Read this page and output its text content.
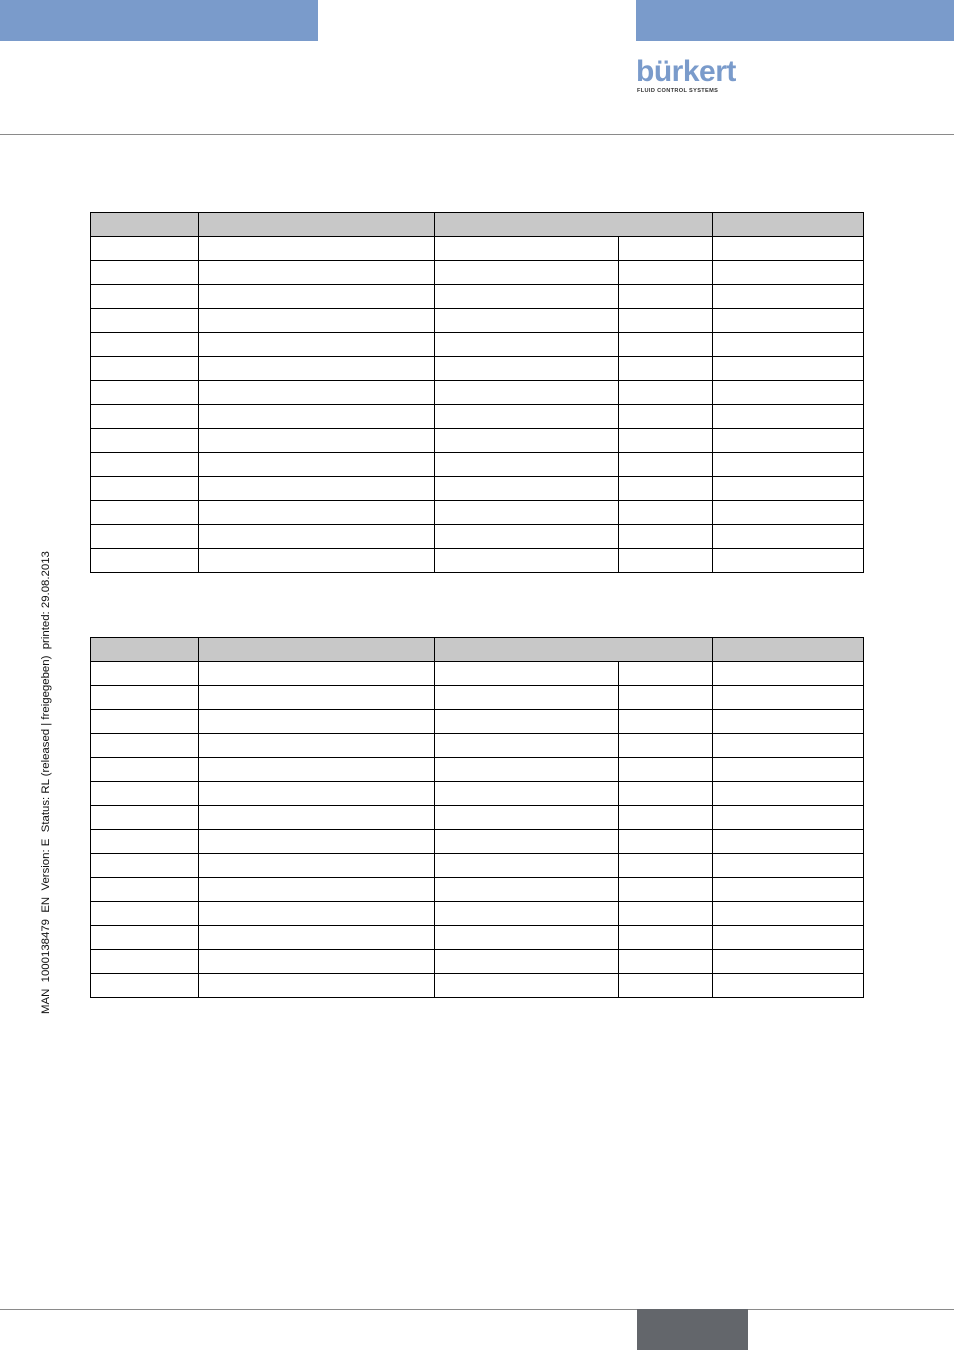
bürkert
FLUID CONTROL SYSTEMS
MAN  1000138479  EN  Version: E  Status: RL (released | freigegeben)  printed: 29.08.2013
